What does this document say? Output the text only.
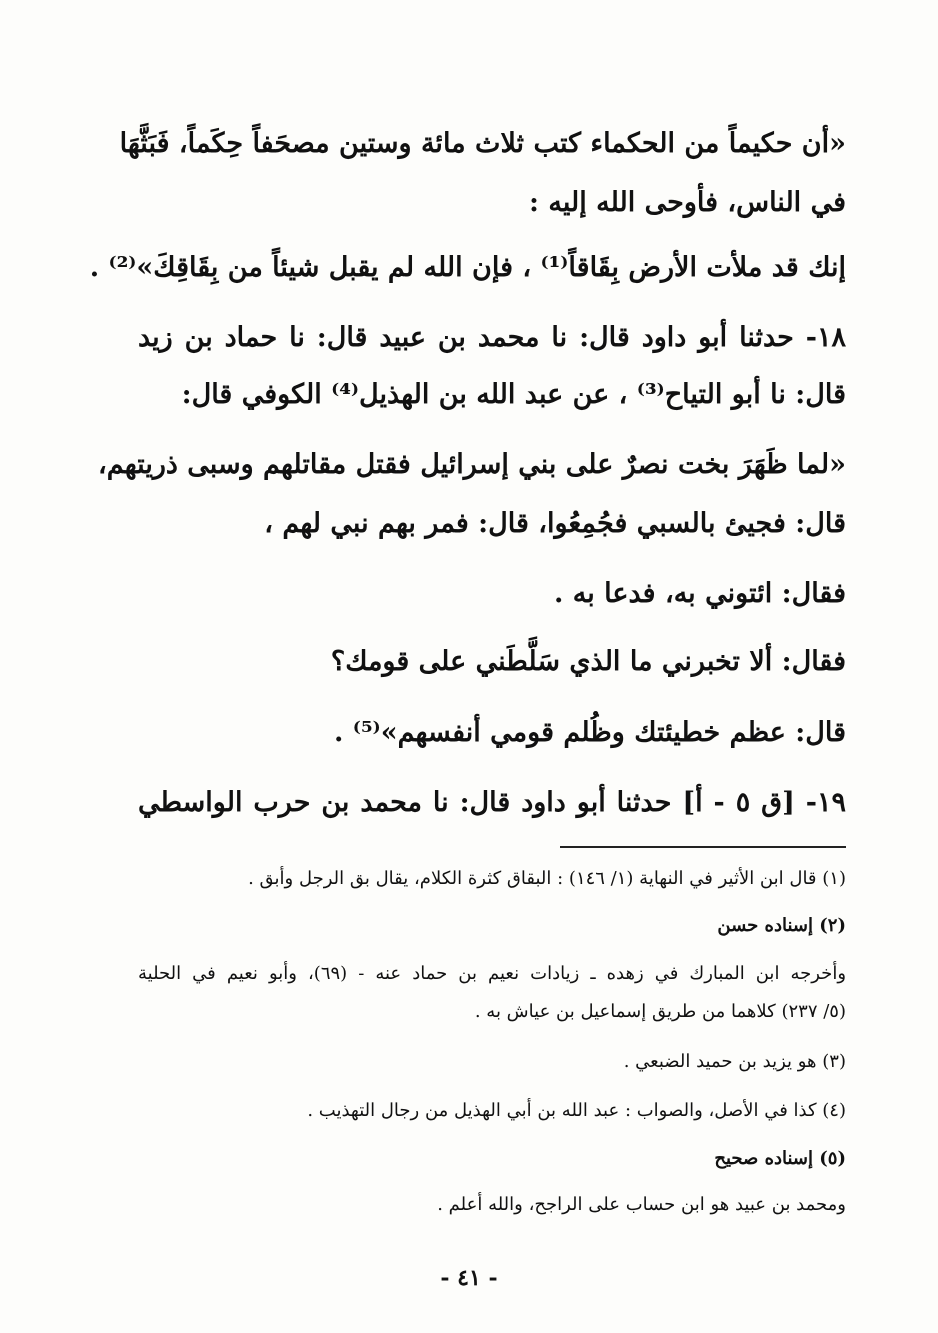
«أن حكيماً من الحكماء كتب ثلاث مائة وستين مصحَفاً حِكَماً، فَبَثَّهَا
في الناس، فأوحى الله إليه :
إنك قد ملأت الأرض بِقَاقاً⁽¹⁾ ، فإن الله لم يقبل شيئاً من بِقَاقِكَ»⁽²⁾ .
١٨- حدثنا أبو داود قال: نا محمد بن عبيد قال: نا حماد بن زيد
قال: نا أبو التياح⁽³⁾ ، عن عبد الله بن الهذيل⁽⁴⁾ الكوفي قال:
«لما ظَهَرَ بخت نصرٌ على بني إسرائيل فقتل مقاتلهم وسبى ذريتهم،
قال: فجيئ بالسبي فجُمِعُوا، قال: فمر بهم نبي لهم ،
فقال: ائتوني به، فدعا به .
فقال: ألا تخبرني ما الذي سَلَّطَني على قومك؟
قال: عظم خطيئتك وظُلم قومي أنفسهم»⁽⁵⁾ .
١٩- [ق ٥ - أ] حدثنا أبو داود قال: نا محمد بن حرب الواسطي
(١) قال ابن الأثير في النهاية (١/ ١٤٦) : البقاق كثرة الكلام، يقال بق الرجل وأبق .
(٢) إسناده حسن
وأخرجه ابن المبارك في زهده ـ زيادات نعيم بن حماد عنه - (٦٩)، وأبو نعيم في الحلية
(٥/ ٢٣٧) كلاهما من طريق إسماعيل بن عياش به .
(٣) هو يزيد بن حميد الضبعي .
(٤) كذا في الأصل، والصواب : عبد الله بن أبي الهذيل من رجال التهذيب .
(٥) إسناده صحيح
ومحمد بن عبيد هو ابن حساب على الراجح، والله أعلم .
- ٤١ -
